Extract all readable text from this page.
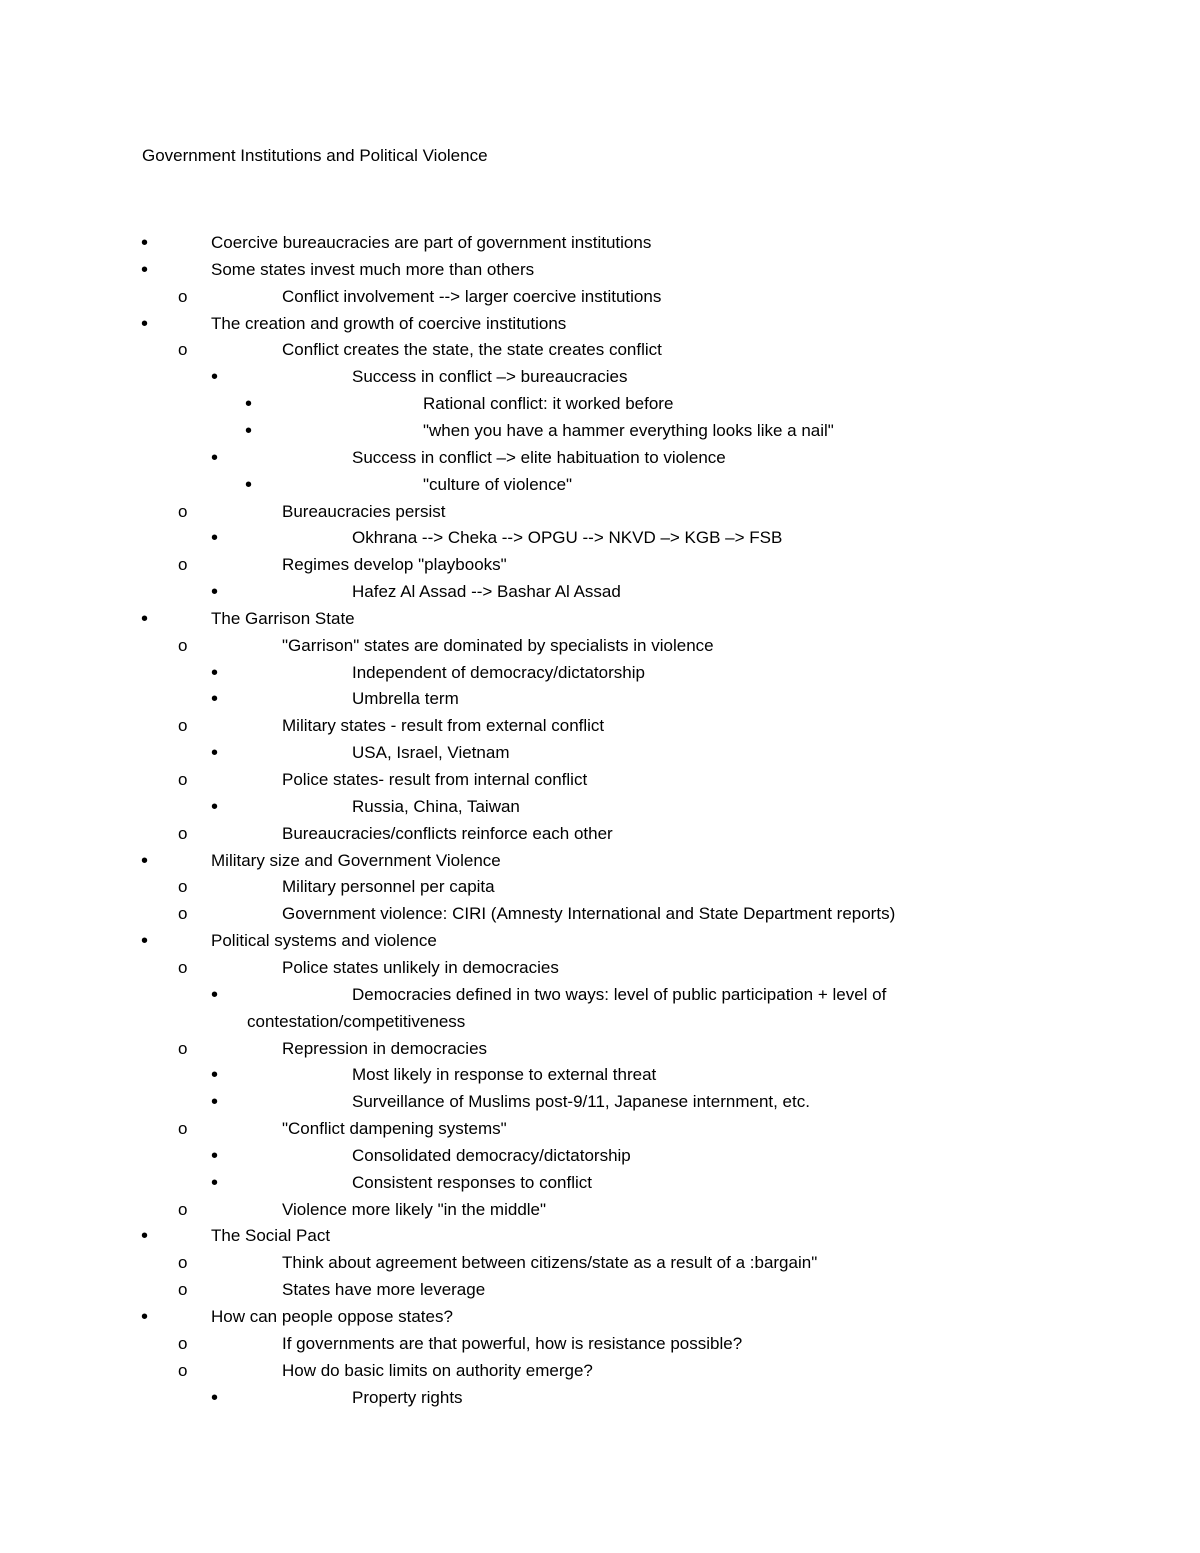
Government Institutions and Political Violence
•	Coercive bureaucracies are part of government institutions
•	Some states invest much more than others
o	Conflict involvement --> larger coercive institutions
•	The creation and growth of coercive institutions
o	Conflict creates the state, the state creates conflict
•	Success in conflict –> bureaucracies
•	Rational conflict: it worked before
•	"when you have a hammer everything looks like a nail"
•	Success in conflict –> elite habituation to violence
•	"culture of violence"
o	Bureaucracies persist
•	Okhrana --> Cheka --> OPGU --> NKVD –> KGB –> FSB
o	Regimes develop "playbooks"
•	Hafez Al Assad --> Bashar Al Assad
•	The Garrison State
o	"Garrison" states are dominated by specialists in violence
•	Independent of democracy/dictatorship
•	Umbrella term
o	Military states - result from external conflict
•	USA, Israel, Vietnam
o	Police states- result from internal conflict
•	Russia, China, Taiwan
o	Bureaucracies/conflicts reinforce each other
•	Military size and Government Violence
o	Military personnel per capita
o	Government violence: CIRI (Amnesty International and State Department reports)
•	Political systems and violence
o	Police states unlikely in democracies
•	Democracies defined in two ways: level of public participation + level of
contestation/competitiveness
o	Repression in democracies
•	Most likely in response to external threat
•	Surveillance of Muslims post-9/11, Japanese internment, etc.
o	"Conflict dampening systems"
•	Consolidated democracy/dictatorship
•	Consistent responses to conflict
o	Violence more likely "in the middle"
•	The Social Pact
o	Think about agreement between citizens/state as a result of a :bargain"
o	States have more leverage
•	How can people oppose states?
o	If governments are that powerful, how is resistance possible?
o	How do basic limits on authority emerge?
•	Property rights
